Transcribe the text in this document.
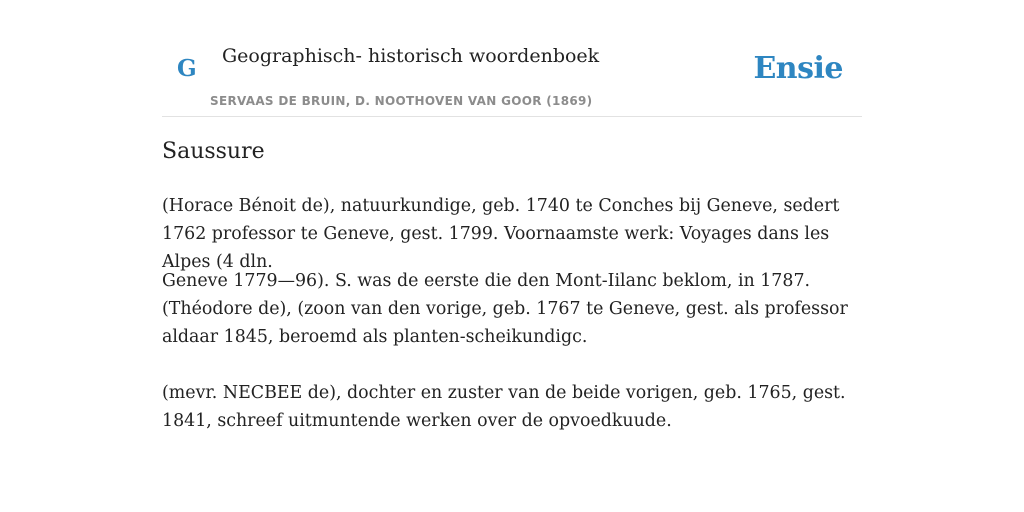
G Geographisch- historisch woordenboek
SERVAAS DE BRUIN, D. NOOTHOVEN VAN GOOR (1869)
Ensie
Saussure

(Horace Bénoit de), natuurkundige, geb. 1740 te Conches bij Geneve, sedert 1762 professor te Geneve, gest. 1799. Voornaamste werk: Voyages dans les Alpes (4 dln.

Geneve 1779—96). S. was de eerste die den Mont-Iilanc beklom, in 1787.(Théodore de), (zoon van den vorige, geb. 1767 te Geneve, gest. als professor aldaar 1845, beroemd als planten-scheikundigc.

(mevr. NECBEE de), dochter en zuster van de beide vorigen, geb. 1765, gest. 1841, schreef uitmuntende werken over de opvoedkuude.
